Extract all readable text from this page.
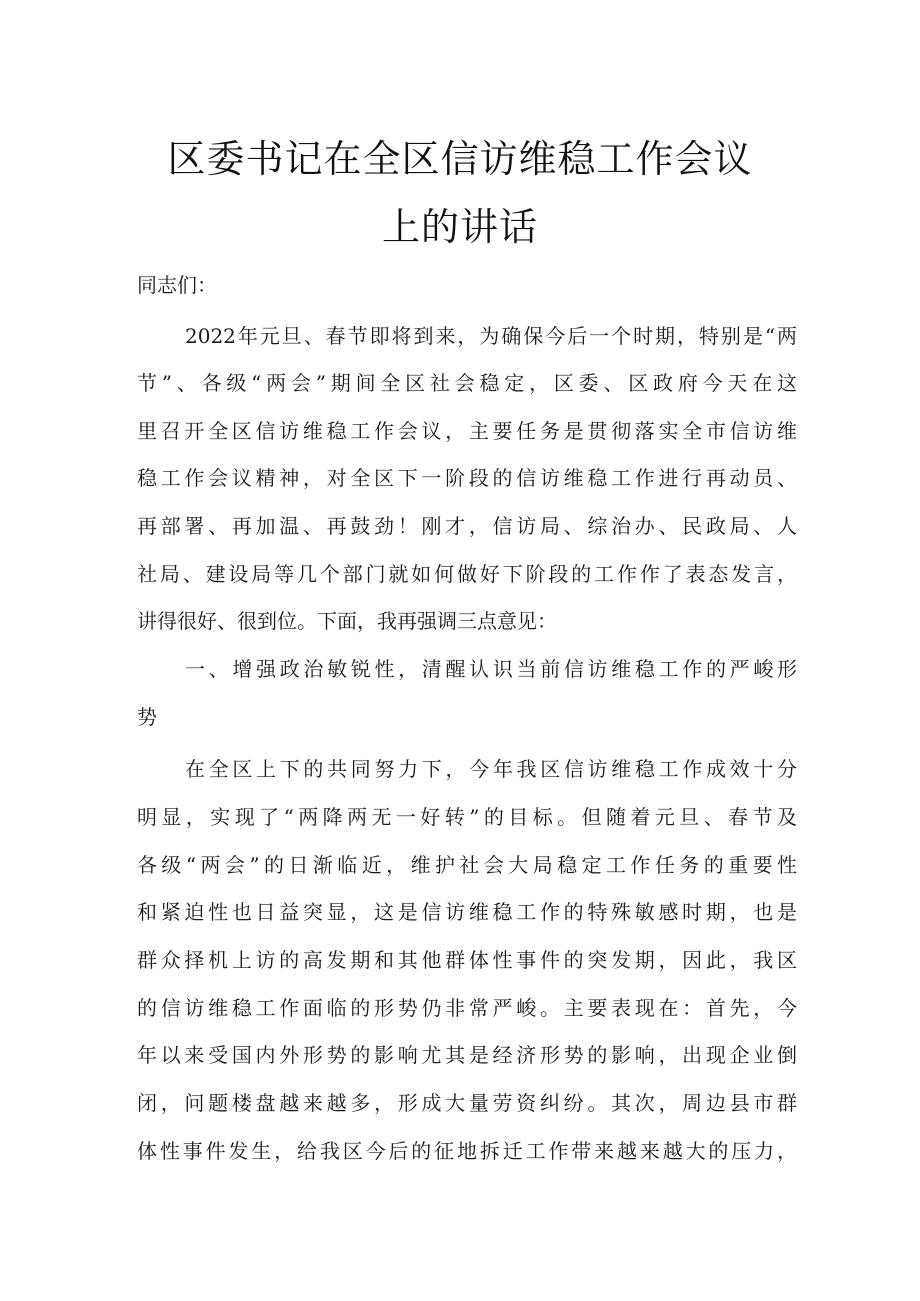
区委书记在全区信访维稳工作会议
上的讲话
同志们：
2022年元旦、春节即将到来，为确保今后一个时期，特别是“两
节”、各级“两会”期间全区社会稳定，区委、区政府今天在这
里召开全区信访维稳工作会议，主要任务是贯彻落实全市信访维
稳工作会议精神，对全区下一阶段的信访维稳工作进行再动员、
再部署、再加温、再鼓劲！刚才，信访局、综治办、民政局、人
社局、建设局等几个部门就如何做好下阶段的工作作了表态发言，
讲得很好、很到位。下面，我再强调三点意见：
一、增强政治敏锐性，清醒认识当前信访维稳工作的严峻形
势
在全区上下的共同努力下，今年我区信访维稳工作成效十分
明显，实现了“两降两无一好转”的目标。但随着元旦、春节及
各级“两会”的日渐临近，维护社会大局稳定工作任务的重要性
和紧迫性也日益突显，这是信访维稳工作的特殊敏感时期，也是
群众择机上访的高发期和其他群体性事件的突发期，因此，我区
的信访维稳工作面临的形势仍非常严峻。主要表现在：首先，今
年以来受国内外形势的影响尤其是经济形势的影响，出现企业倒
闭，问题楼盘越来越多，形成大量劳资纠纷。其次，周边县市群
体性事件发生，给我区今后的征地拆迁工作带来越来越大的压力，
